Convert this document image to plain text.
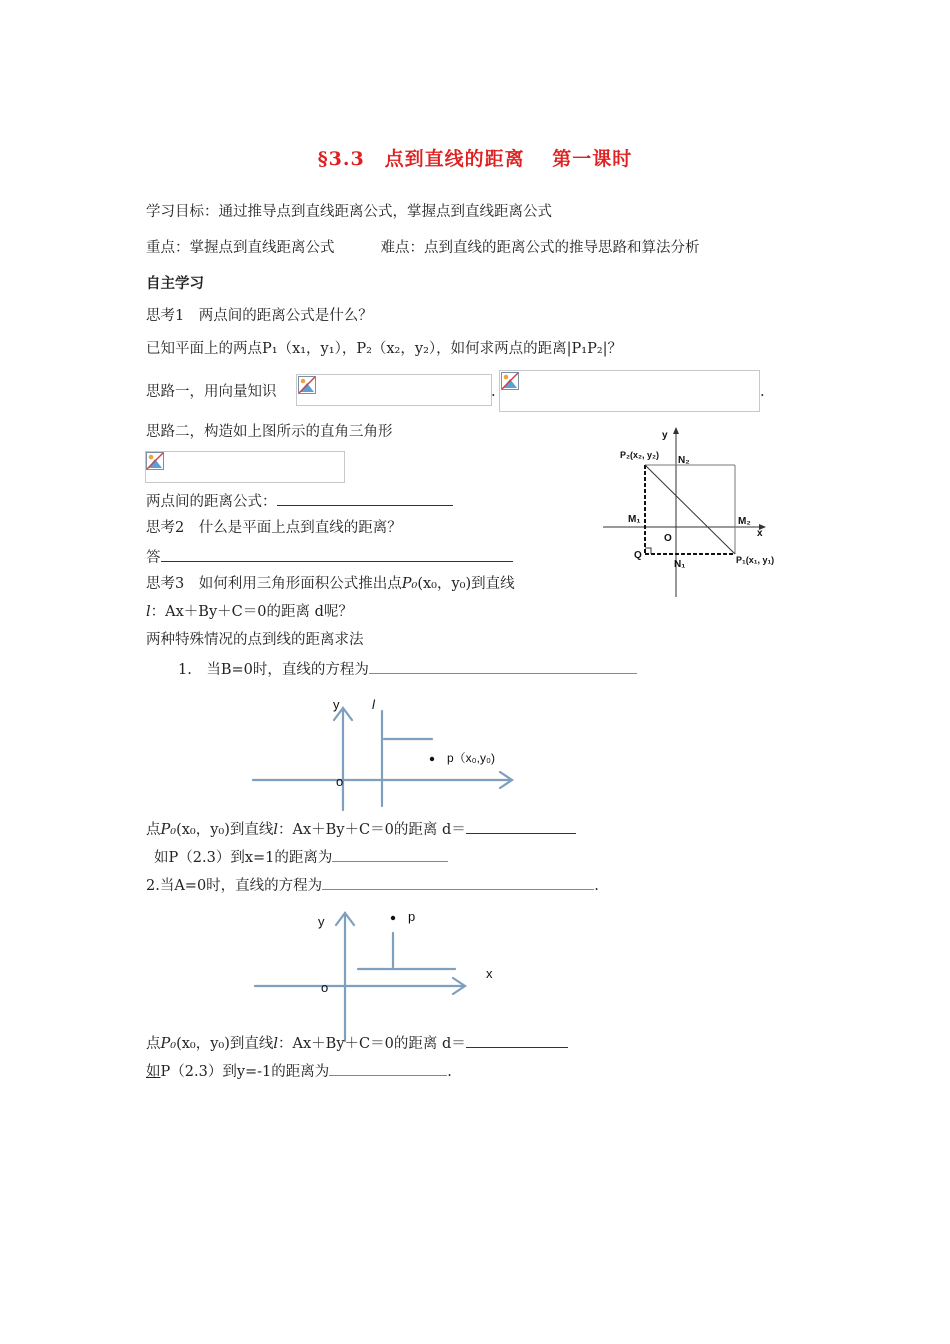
§3.3　点到直线的距离　 第一课时
学习目标：通过推导点到直线距离公式，掌握点到直线距离公式
重点：掌握点到直线距离公式	难点：点到直线的距离公式的推导思路和算法分析
自主学习
思考1　两点间的距离公式是什么？
已知平面上的两点P₁（x₁，y₁），P₂（x₂，y₂），如何求两点的距离|P₁P₂|？
思路一，用向量知识	.	.
思路二，构造如上图所示的直角三角形
两点间的距离公式：
思考2　什么是平面上点到直线的距离？
答
思考3　如何利用三角形面积公式推出点P₀(x₀，y₀)到直线
l：Ax＋By＋C＝0的距离 d呢？
两种特殊情况的点到线的距离求法
1.　当B=0时，直线的方程为
y
x
O
Q
P₂(x₂, y₂)
P₁(x₁, y₁)
N₂
N₁
M₁	M₂
y	l
o
p（x₀,y₀)
点P₀(x₀，y₀)到直线l：Ax＋By＋C＝0的距离 d＝
如P（2.3）到x=1的距离为
2.当A=0时，直线的方程为	.
y
x
o
p
点P₀(x₀，y₀)到直线l：Ax＋By＋C＝0的距离 d＝
如P（2.3）到y=-1的距离为	.
